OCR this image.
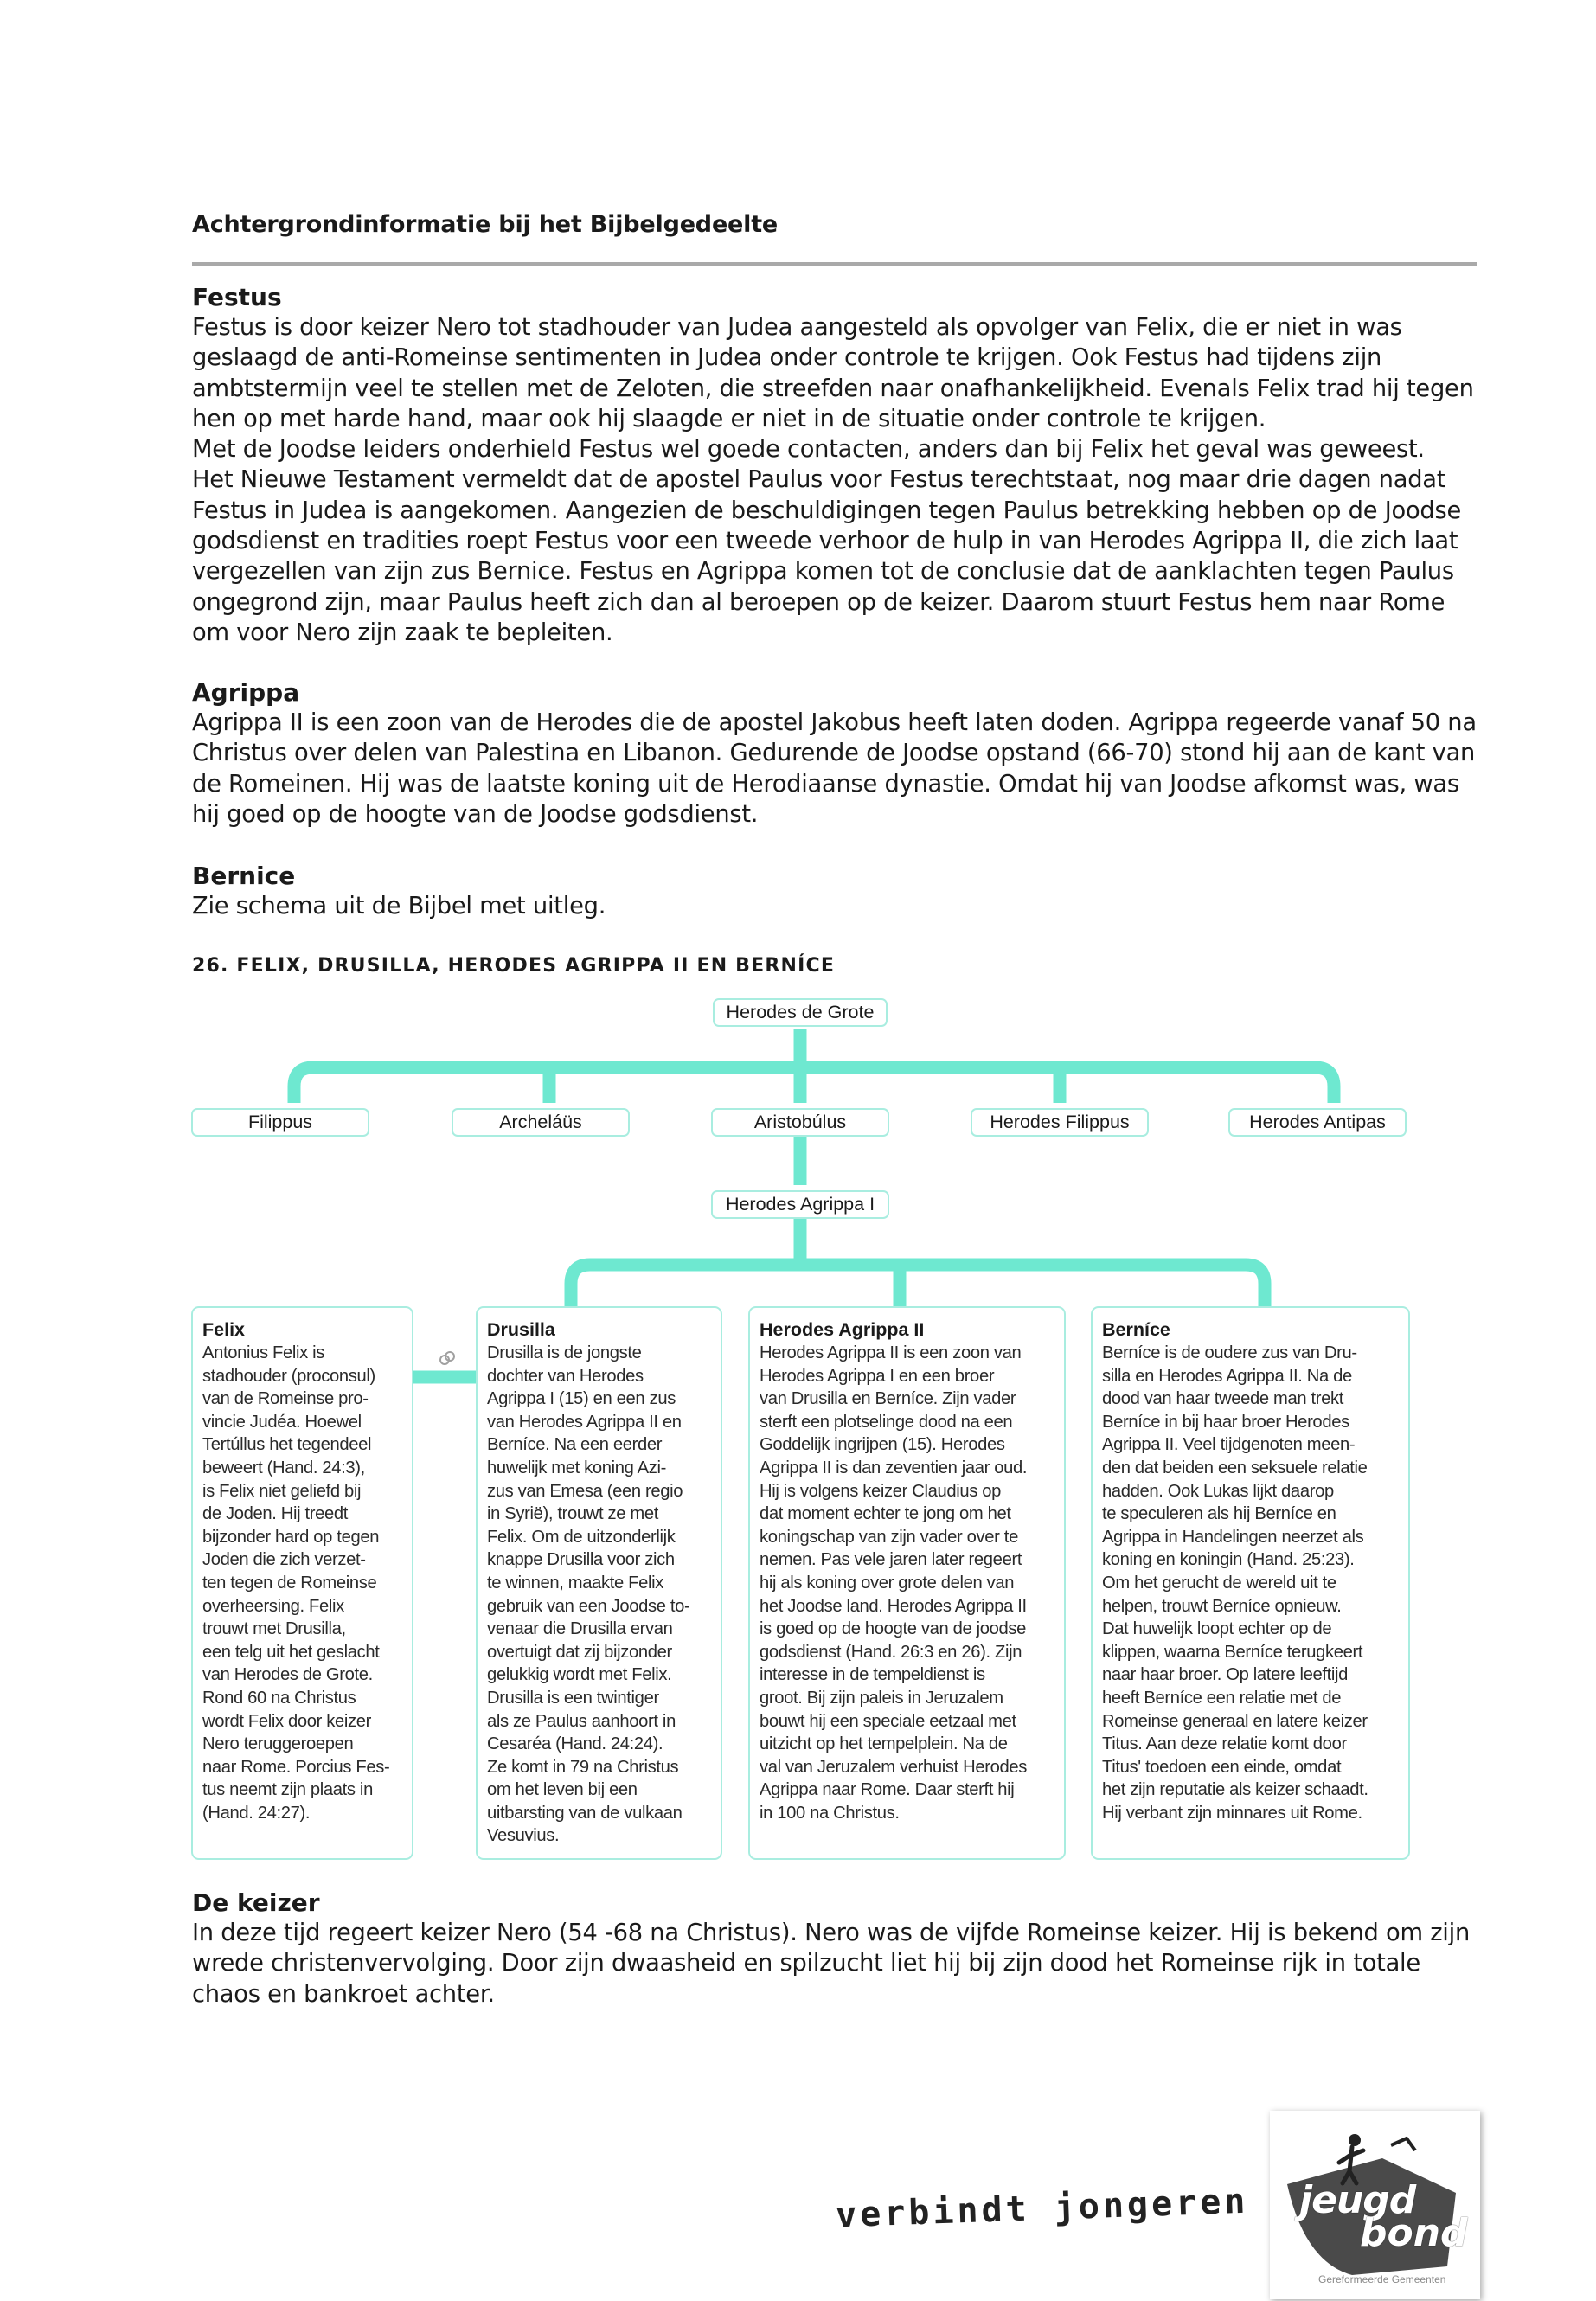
Achtergrondinformatie bij het Bijbelgedeelte
Festus

Festus is door keizer Nero tot stadhouder van Judea aangesteld als opvolger van Felix, die er niet in was
geslaagd de anti-Romeinse sentimenten in Judea onder controle te krijgen. Ook Festus had tijdens zijn
ambtstermijn veel te stellen met de Zeloten, die streefden naar onafhankelijkheid. Evenals Felix trad hij tegen
hen op met harde hand, maar ook hij slaagde er niet in de situatie onder controle te krijgen.
Met de Joodse leiders onderhield Festus wel goede contacten, anders dan bij Felix het geval was geweest.
Het Nieuwe Testament vermeldt dat de apostel Paulus voor Festus terechtstaat, nog maar drie dagen nadat
Festus in Judea is aangekomen. Aangezien de beschuldigingen tegen Paulus betrekking hebben op de Joodse
godsdienst en tradities roept Festus voor een tweede verhoor de hulp in van Herodes Agrippa II, die zich laat
vergezellen van zijn zus Bernice. Festus en Agrippa komen tot de conclusie dat de aanklachten tegen Paulus
ongegrond zijn, maar Paulus heeft zich dan al beroepen op de keizer. Daarom stuurt Festus hem naar Rome
om voor Nero zijn zaak te bepleiten.

Agrippa

Agrippa II is een zoon van de Herodes die de apostel Jakobus heeft laten doden. Agrippa regeerde vanaf 50 na
Christus over delen van Palestina en Libanon. Gedurende de Joodse opstand (66-70) stond hij aan de kant van
de Romeinen. Hij was de laatste koning uit de Herodiaanse dynastie. Omdat hij van Joodse afkomst was, was
hij goed op de hoogte van de Joodse godsdienst.

Bernice

Zie schema uit de Bijbel met uitleg.

26. FELIX, DRUSILLA, HERODES AGRIPPA II EN BERNÍCE
Herodes de Grote
Filippus	Archeláüs	Aristobúlus	Herodes Filippus	Herodes Antipas
Herodes Agrippa I
Felix
Antonius Felix is
stadhouder (proconsul)
van de Romeinse pro-
vincie Judéa. Hoewel
Tertúllus het tegendeel
beweert (Hand. 24:3),
is Felix niet geliefd bij
de Joden. Hij treedt
bijzonder hard op tegen
Joden die zich verzet-
ten tegen de Romeinse
overheersing. Felix
trouwt met Drusilla,
een telg uit het geslacht
van Herodes de Grote.
Rond 60 na Christus
wordt Felix door keizer
Nero teruggeroepen
naar Rome. Porcius Fes-
tus neemt zijn plaats in
(Hand. 24:27).
Drusilla
Drusilla is de jongste
dochter van Herodes
Agrippa I (15) en een zus
van Herodes Agrippa II en
Berníce. Na een eerder
huwelijk met koning Azi-
zus van Emesa (een regio
in Syrië), trouwt ze met
Felix. Om de uitzonderlijk
knappe Drusilla voor zich
te winnen, maakte Felix
gebruik van een Joodse to-
venaar die Drusilla ervan
overtuigt dat zij bijzonder
gelukkig wordt met Felix.
Drusilla is een twintiger
als ze Paulus aanhoort in
Cesaréa (Hand. 24:24).
Ze komt in 79 na Christus
om het leven bij een
uitbarsting van de vulkaan
Vesuvius.
Herodes Agrippa II
Herodes Agrippa II is een zoon van
Herodes Agrippa I en een broer
van Drusilla en Berníce. Zijn vader
sterft een plotselinge dood na een
Goddelijk ingrijpen (15). Herodes
Agrippa II is dan zeventien jaar oud.
Hij is volgens keizer Claudius op
dat moment echter te jong om het
koningschap van zijn vader over te
nemen. Pas vele jaren later regeert
hij als koning over grote delen van
het Joodse land. Herodes Agrippa II
is goed op de hoogte van de joodse
godsdienst (Hand. 26:3 en 26). Zijn
interesse in de tempeldienst is
groot. Bij zijn paleis in Jeruzalem
bouwt hij een speciale eetzaal met
uitzicht op het tempelplein. Na de
val van Jeruzalem verhuist Herodes
Agrippa naar Rome. Daar sterft hij
in 100 na Christus.
Berníce
Berníce is de oudere zus van Dru-
silla en Herodes Agrippa II. Na de
dood van haar tweede man trekt
Berníce in bij haar broer Herodes
Agrippa II. Veel tijdgenoten meen-
den dat beiden een seksuele relatie
hadden. Ook Lukas lijkt daarop
te speculeren als hij Berníce en
Agrippa in Handelingen neerzet als
koning en koningin (Hand. 25:23).
Om het gerucht de wereld uit te
helpen, trouwt Berníce opnieuw.
Dat huwelijk loopt echter op de
klippen, waarna Berníce terugkeert
naar haar broer. Op latere leeftijd
heeft Berníce een relatie met de
Romeinse generaal en latere keizer
Titus. Aan deze relatie komt door
Titus' toedoen een einde, omdat
het zijn reputatie als keizer schaadt.
Hij verbant zijn minnares uit Rome.
De keizer

In deze tijd regeert keizer Nero (54 -68 na Christus). Nero was de vijfde Romeinse keizer. Hij is bekend om zijn
wrede christenvervolging. Door zijn dwaasheid en spilzucht liet hij bij zijn dood het Romeinse rijk in totale
chaos en bankroet achter.

verbindt jongeren jeugd
bond
Gereformeerde Gemeenten
